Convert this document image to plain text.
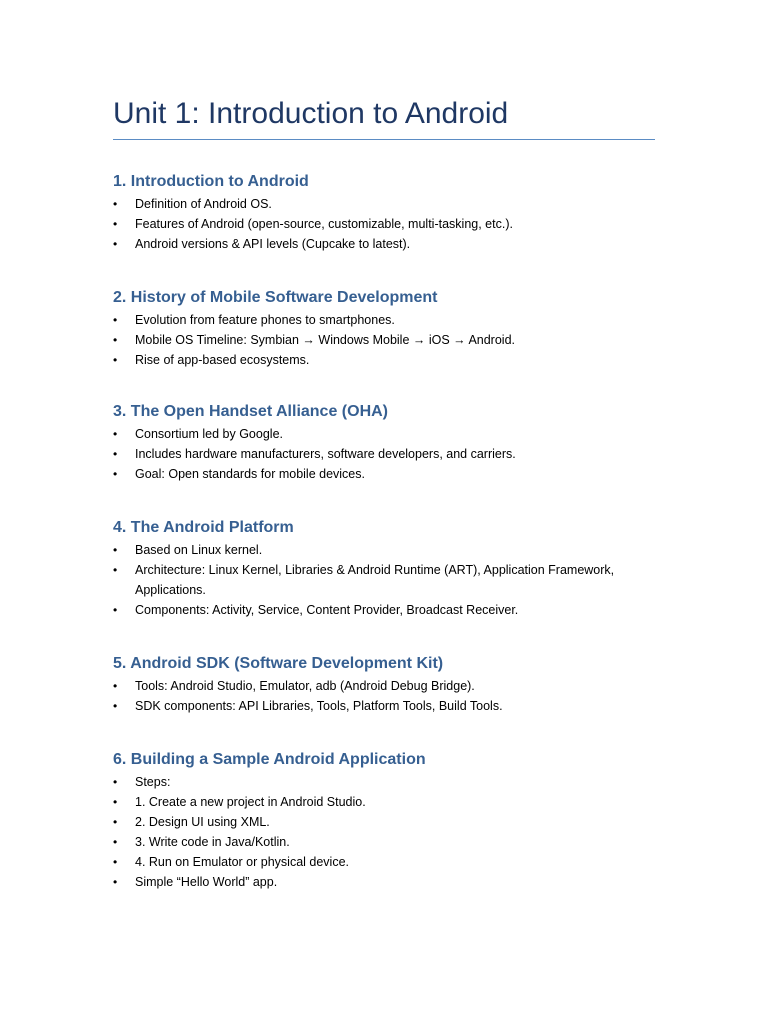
Unit 1: Introduction to Android
1. Introduction to Android
• Definition of Android OS.
• Features of Android (open-source, customizable, multi-tasking, etc.).
• Android versions & API levels (Cupcake to latest).
2. History of Mobile Software Development
• Evolution from feature phones to smartphones.
• Mobile OS Timeline: Symbian → Windows Mobile → iOS → Android.
• Rise of app-based ecosystems.
3. The Open Handset Alliance (OHA)
• Consortium led by Google.
• Includes hardware manufacturers, software developers, and carriers.
• Goal: Open standards for mobile devices.
4. The Android Platform
• Based on Linux kernel.
• Architecture: Linux Kernel, Libraries & Android Runtime (ART), Application Framework, Applications.
• Components: Activity, Service, Content Provider, Broadcast Receiver.
5. Android SDK (Software Development Kit)
• Tools: Android Studio, Emulator, adb (Android Debug Bridge).
• SDK components: API Libraries, Tools, Platform Tools, Build Tools.
6. Building a Sample Android Application
• Steps:
• 1. Create a new project in Android Studio.
• 2. Design UI using XML.
• 3. Write code in Java/Kotlin.
• 4. Run on Emulator or physical device.
• Simple “Hello World” app.
